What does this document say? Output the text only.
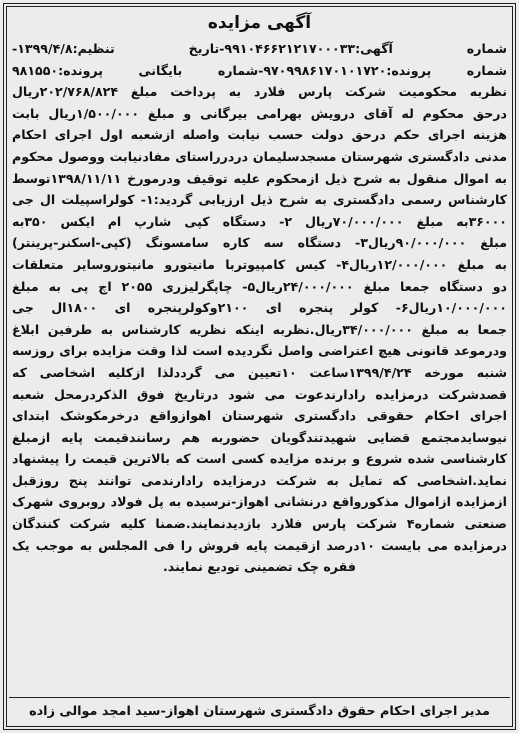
آگهی مزایده
شماره آگهی:۹۹۱۰۴۶۶۲۱۲۱۷۰۰۰۳۳-تاریخ تنظیم:۱۳۹۹/۴/۸-
شماره پرونده:۹۷۰۹۹۸۶۱۷۰۱۰۱۷۲۰-شماره بایگانی پرونده:۹۸۱۵۵۰
نظربه محکومیت شرکت پارس فلارد به پرداخت مبلغ ۲۰۲/۷۶۸/۸۲۴ریال
درحق محکوم له آقای درویش بهرامی بیرگانی و مبلغ ۱/۵۰۰/۰۰۰ریال بابت
هزینه اجرای حکم درحق دولت حسب نیابت واصله ازشعبه اول اجرای احکام
مدنی دادگستری شهرستان مسجدسلیمان دردرراستای مفادنیابت ووصول محکوم
به اموال منقول به شرح ذیل ازمحکوم علیه توقیف ودرمورخ ۱۳۹۸/۱۱/۱۱توسط
کارشناس رسمی دادگستری به شرح ذیل ارزیابی گردید:۱- کولراسپیلت ال جی
۳۶۰۰۰به مبلغ ۷۰/۰۰۰/۰۰۰ریال ۲- دستگاه کپی شارپ ام ایکس ۳۵۰به
مبلغ ۹۰/۰۰۰/۰۰۰ریال۳- دستگاه سه کاره سامسونگ (کپی-اسکنر-پرینتر)
به مبلغ ۱۲/۰۰۰/۰۰۰ریال۴- کیس کامپیوتربا مانیتورو مانیتوروسایر متعلقات
دو دستگاه جمعا مبلغ ۲۴/۰۰۰/۰۰۰ریال۵- چاپگرلیزری ۲۰۵۵ اچ پی به مبلغ
۱۰/۰۰۰/۰۰۰ریال۶- کولر پنجره ای ۲۱۰۰وکولرپنجره ای ۱۸۰۰ال جی
جمعا به مبلغ ۳۴/۰۰۰/۰۰۰ریال.نظربه اینکه نظریه کارشناس به طرفین ابلاغ
ودرموعد قانونی هیچ اعتراضی واصل نگردیده است لذا وقت مزایده برای روزسه
شنبه مورخه ۱۳۹۹/۴/۲۴ساعت ۱۰تعیین می گرددلذا ازکلیه اشخاصی که
قصدشرکت درمزایده رادارندعوت می شود درتاریخ فوق الذکردرمحل شعبه
اجرای احکام حقوقی دادگستری شهرستان اهوازواقع درخرمکوشک ابتدای
نیوسایدمجتمع قضایی شهیدتندگویان حضوربه هم رسانندقیمت پایه ازمبلغ
کارشناسی شده شروع و برنده مزایده کسی است که بالاترین قیمت را پیشنهاد
نماید.اشخاصی که تمایل به شرکت درمزایده رادارندمی توانند پنج روزقبل
ازمزایده ازاموال مذکورواقع درنشانی اهواز-نرسیده به پل فولاد روبروی شهرک
صنعتی شماره۴ شرکت پارس فلارد بازدیدنمایند.ضمنا کلیه شرکت کنندگان
درمزایده می بایست ۱۰درصد ازقیمت پایه فروش را فی المجلس به موجب یک
فقره چک تضمینی تودیع نمایند.
مدیر اجرای احکام حقوق دادگستری شهرستان اهواز-سید امجد موالی زاده
